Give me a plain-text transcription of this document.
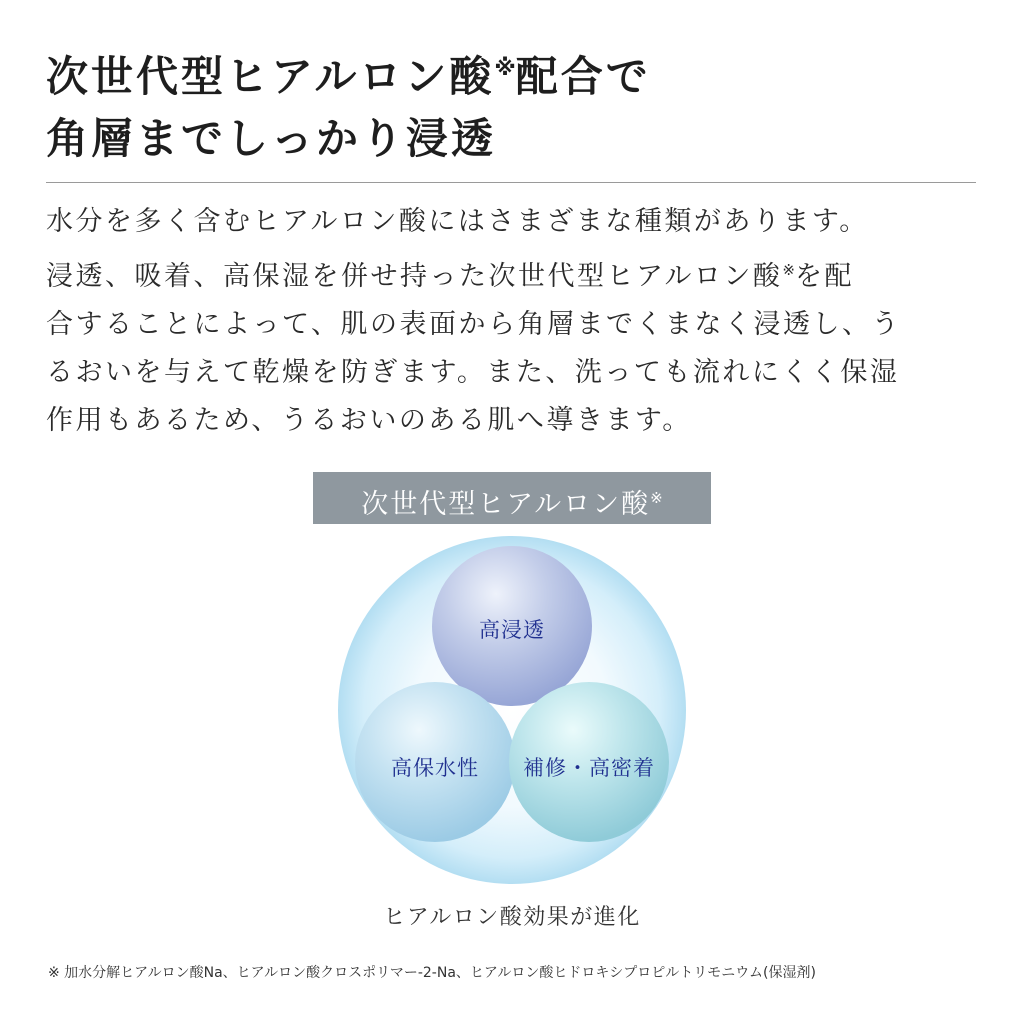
次世代型ヒアルロン酸※配合で
角層までしっかり浸透
水分を多く含むヒアルロン酸にはさまざまな種類があります。
浸透、吸着、高保湿を併せ持った次世代型ヒアルロン酸※を配
合することによって、肌の表面から角層までくまなく浸透し、う
るおいを与えて乾燥を防ぎます。また、洗っても流れにくく保湿
作用もあるため、うるおいのある肌へ導きます。
次世代型ヒアルロン酸※
高浸透
高保水性	補修・高密着
ヒアルロン酸効果が進化
※ 加水分解ヒアルロン酸Na、ヒアルロン酸クロスポリマー-2-Na、ヒアルロン酸ヒドロキシプロピルトリモニウム(保湿剤)
